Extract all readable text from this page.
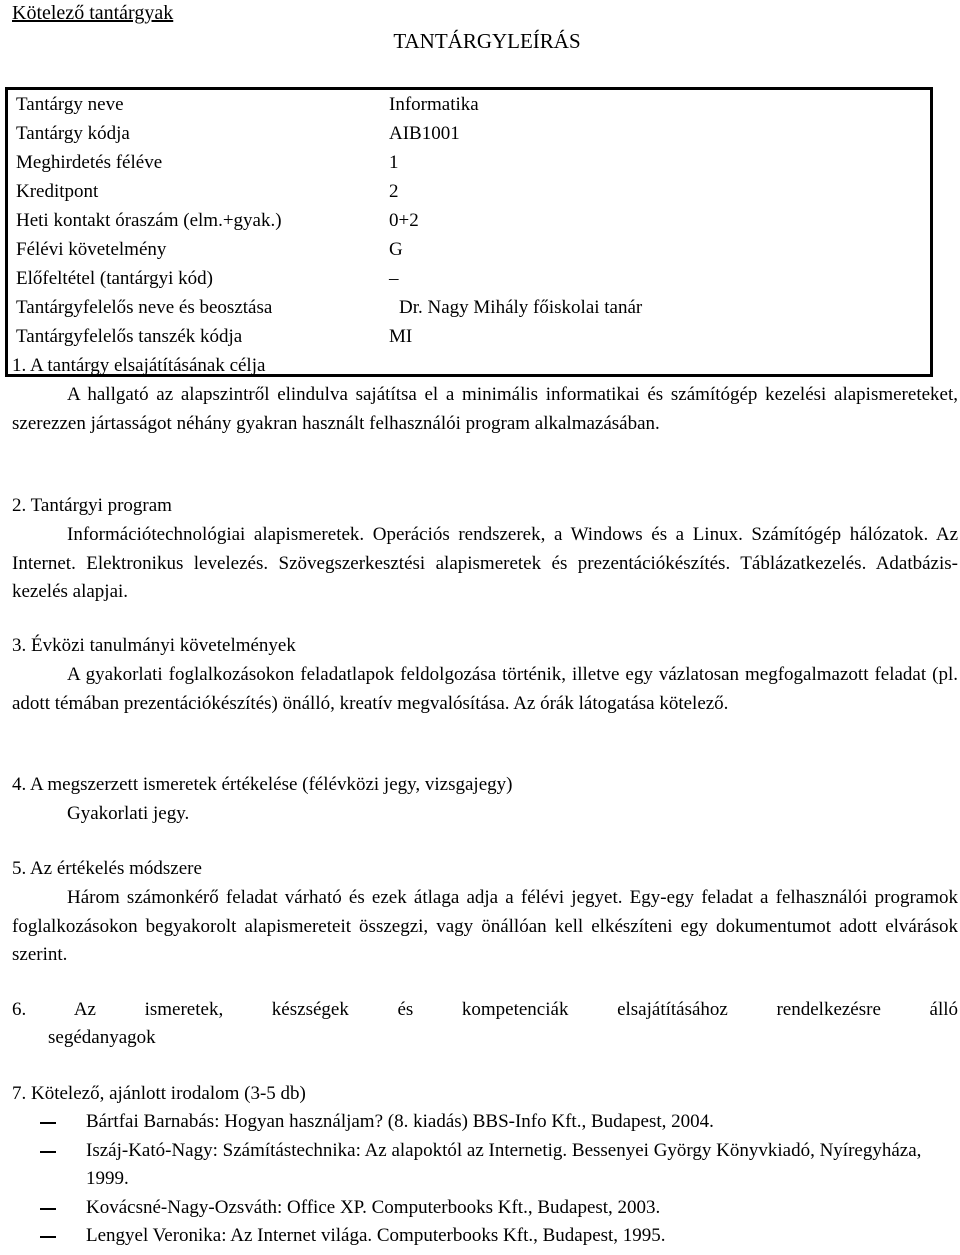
Kötelező tantárgyak
TANTÁRGYLEÍRÁS
Tantárgy neve	Informatika
Tantárgy kódja	AIB1001
Meghirdetés féléve	1
Kreditpont	2
Heti kontakt óraszám (elm.+gyak.)	0+2
Félévi követelmény	G
Előfeltétel (tantárgyi kód)	–
Tantárgyfelelős neve és beosztása	Dr. Nagy Mihály főiskolai tanár
Tantárgyfelelős tanszék kódja	MI
1. A tantárgy elsajátításának célja
A hallgató az alapszintről elindulva sajátítsa el a minimális informatikai és számítógép kezelési alapismereteket, szerezzen jártasságot néhány gyakran használt felhasználói program alkalmazásában.
2. Tantárgyi program
Információtechnológiai alapismeretek. Operációs rendszerek, a Windows és a Linux. Számítógép hálózatok. Az Internet. Elektronikus levelezés. Szövegszerkesztési alapismeretek és prezentációkészítés. Táblázatkezelés. Adatbázis-kezelés alapjai.
3. Évközi tanulmányi követelmények
A gyakorlati foglalkozásokon feladatlapok feldolgozása történik, illetve egy vázlatosan megfogalmazott feladat (pl. adott témában prezentációkészítés) önálló, kreatív megvalósítása. Az órák látogatása kötelező.
4. A megszerzett ismeretek értékelése (félévközi jegy, vizsgajegy)
Gyakorlati jegy.
5. Az értékelés módszere
Három számonkérő feladat várható és ezek átlaga adja a félévi jegyet. Egy-egy feladat a felhasználói programok foglalkozásokon begyakorolt alapismereteit összegzi, vagy önállóan kell elkészíteni egy dokumentumot adott elvárások szerint.
6. Az ismeretek, készségek és kompetenciák elsajátításához rendelkezésre álló
segédanyagok
7. Kötelező, ajánlott irodalom (3-5 db)
Bártfai Barnabás: Hogyan használjam? (8. kiadás) BBS-Info Kft., Budapest, 2004.
Iszáj-Kató-Nagy: Számítástechnika: Az alapoktól az Internetig. Bessenyei György Könyvkiadó, Nyíregyháza, 1999.
Kovácsné-Nagy-Ozsváth: Office XP. Computerbooks Kft., Budapest, 2003.
Lengyel Veronika: Az Internet világa. Computerbooks Kft., Budapest, 1995.
